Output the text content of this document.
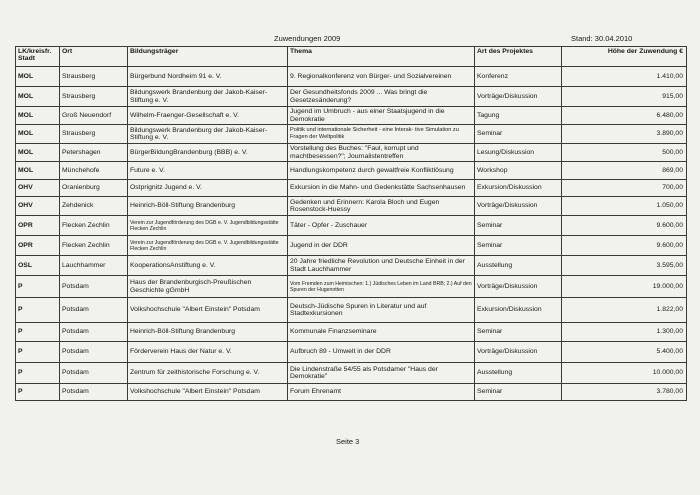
Zuwendungen 2009	Stand: 30.04.2010
LK/kreisfr. Stadt	Ort	Bildungsträger	Thema	Art des Projektes	Höhe der Zuwendung €
MOL	Strausberg	Bürgerbund Nordheim 91 e. V.	9. Regionalkonferenz von Bürger- und Sozialvereinen	Konferenz	1.410,00
MOL	Strausberg	Bildungswerk Brandenburg der Jakob-Kaiser-Stiftung e. V.	Der Gesundheitsfonds 2009 ... Was bringt die Gesetzesänderung?	Vorträge/Diskussion	915,00
MOL	Groß Neuendorf	Wilhelm-Fraenger-Gesellschaft e. V.	Jugend im Umbruch - aus einer Staatsjugend in die Demokratie	Tagung	6.480,00
MOL	Strausberg	Bildungswerk Brandenburg der Jakob-Kaiser-Stiftung e. V.	Politik und internationale Sicherheit - eine Interak- tive Simulation zu Fragen der Weltpolitik	Seminar	3.890,00
MOL	Petershagen	BürgerBildungBrandenburg (BBB) e. V.	Vorstellung des Buches: "Faul, korrupt und machtbesessen?"; Journalistentreffen	Lesung/Diskussion	500,00
MOL	Münchehofe	Future e. V.	Handlungskompetenz durch gewaltfreie Konfliktlösung	Workshop	869,00
OHV	Oranienburg	Ostprignitz Jugend e. V.	Exkursion in die Mahn- und Gedenkstätte Sachsenhausen	Exkursion/Diskussion	700,00
OHV	Zehdenick	Heinrich-Böll-Stiftung Brandenburg	Gedenken und Erinnern: Karola Bloch und Eugen Rosenstock-Huessy	Vorträge/Diskussion	1.050,00
OPR	Flecken Zechlin	Verein zur Jugendförderung des DGB e. V. Jugendbildungsstätte Flecken Zechlin	Täter - Opfer - Zuschauer	Seminar	9.600,00
OPR	Flecken Zechlin	Verein zur Jugendförderung des DGB e. V. Jugendbildungsstätte Flecken Zechlin	Jugend in der DDR	Seminar	9.600,00
OSL	Lauchhammer	KooperationsAnstiftung e. V.	20 Jahre friedliche Revolution und Deutsche Einheit in der Stadt Lauchhammer	Ausstellung	3.595,00
P	Potsdam	Haus der Brandenburgisch-Preußischen Geschichte gGmbH	Vom Fremden zum Heimischen: 1.) Jüdisches Leben im Land BRB; 2.) Auf den Spuren der Hugenotten	Vorträge/Diskussion	19.000,00
P	Potsdam	Volkshochschule "Albert Einstein" Potsdam	Deutsch-Jüdische Spuren in Literatur und auf Stadtexkursionen	Exkursion/Diskussion	1.822,00
P	Potsdam	Heinrich-Böll-Stiftung Brandenburg	Kommunale Finanzseminare	Seminar	1.300,00
P	Potsdam	Förderverein Haus der Natur e. V.	Aufbruch 89 - Umwelt in der DDR	Vorträge/Diskussion	5.400,00
P	Potsdam	Zentrum für zeithistorische Forschung e. V.	Die Lindenstraße 54/55 als Potsdamer "Haus der Demokratie"	Ausstellung	10.000,00
P	Potsdam	Volkshochschule "Albert Einstein" Potsdam	Forum Ehrenamt	Seminar	3.780,00
Seite 3
